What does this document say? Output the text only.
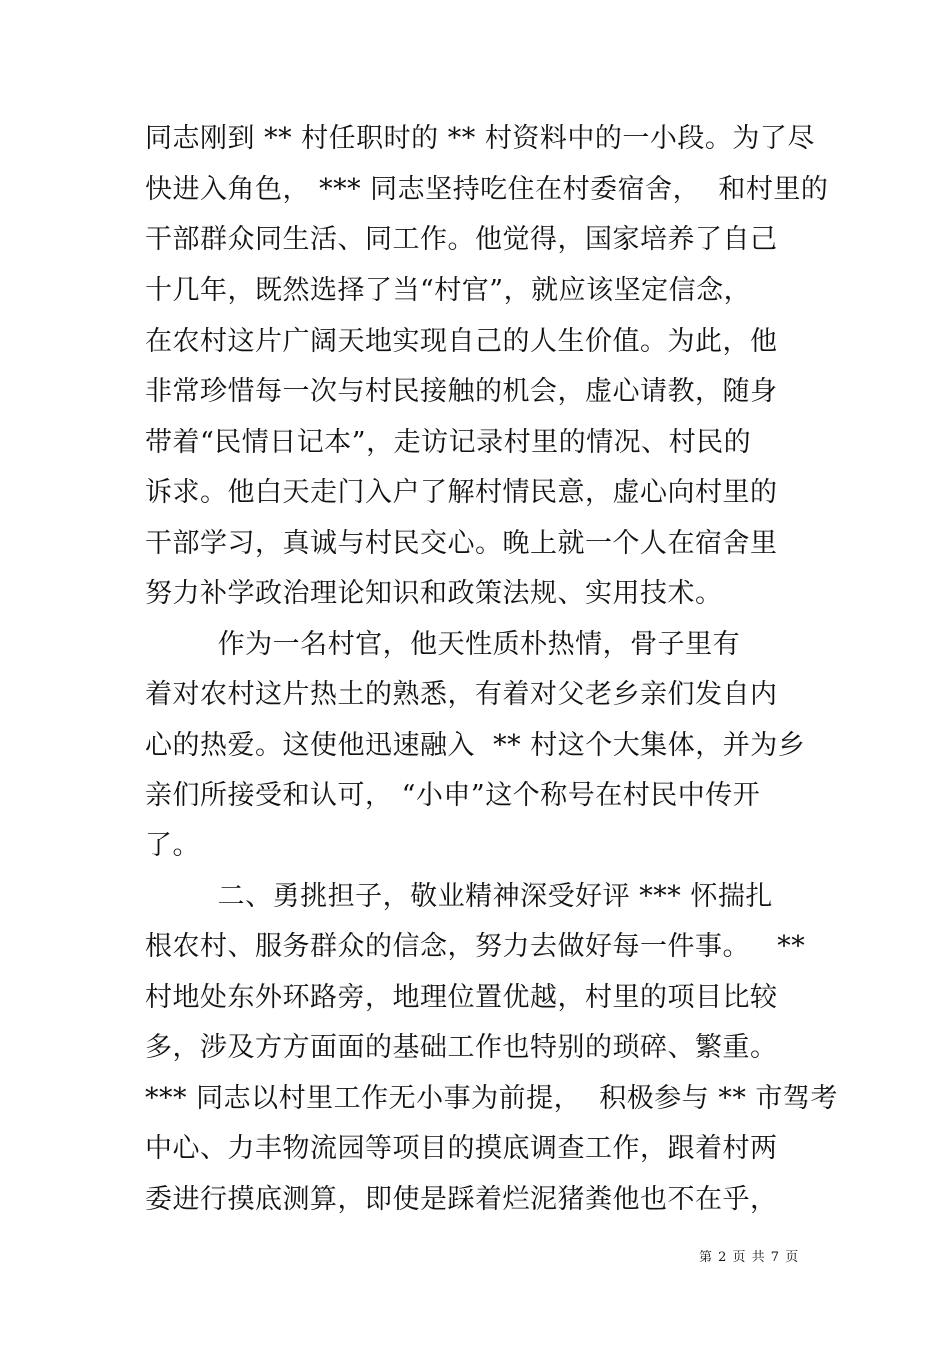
同志刚到 ** 村任职时的 ** 村资料中的一小段。为了尽
快进入角色， *** 同志坚持吃住在村委宿舍，  和村里的
干部群众同生活、同工作。他觉得，国家培养了自己
十几年，既然选择了当“村官”，就应该坚定信念，
在农村这片广阔天地实现自己的人生价值。为此，他
非常珍惜每一次与村民接触的机会，虚心请教，随身
带着“民情日记本”，走访记录村里的情况、村民的
诉求。他白天走门入户了解村情民意，虚心向村里的
干部学习，真诚与村民交心。晚上就一个人在宿舍里
努力补学政治理论知识和政策法规、实用技术。
作为一名村官，他天性质朴热情，骨子里有
着对农村这片热土的熟悉，有着对父老乡亲们发自内
心的热爱。这使他迅速融入  ** 村这个大集体，并为乡
亲们所接受和认可， “小申”这个称号在村民中传开
了。
二、勇挑担子，敬业精神深受好评 *** 怀揣扎
根农村、服务群众的信念，努力去做好每一件事。   **
村地处东外环路旁，地理位置优越，村里的项目比较
多，涉及方方面面的基础工作也特别的琐碎、繁重。
*** 同志以村里工作无小事为前提，  积极参与 ** 市驾考
中心、力丰物流园等项目的摸底调查工作，跟着村两
委进行摸底测算，即使是踩着烂泥猪粪他也不在乎，
第 2 页 共 7 页
